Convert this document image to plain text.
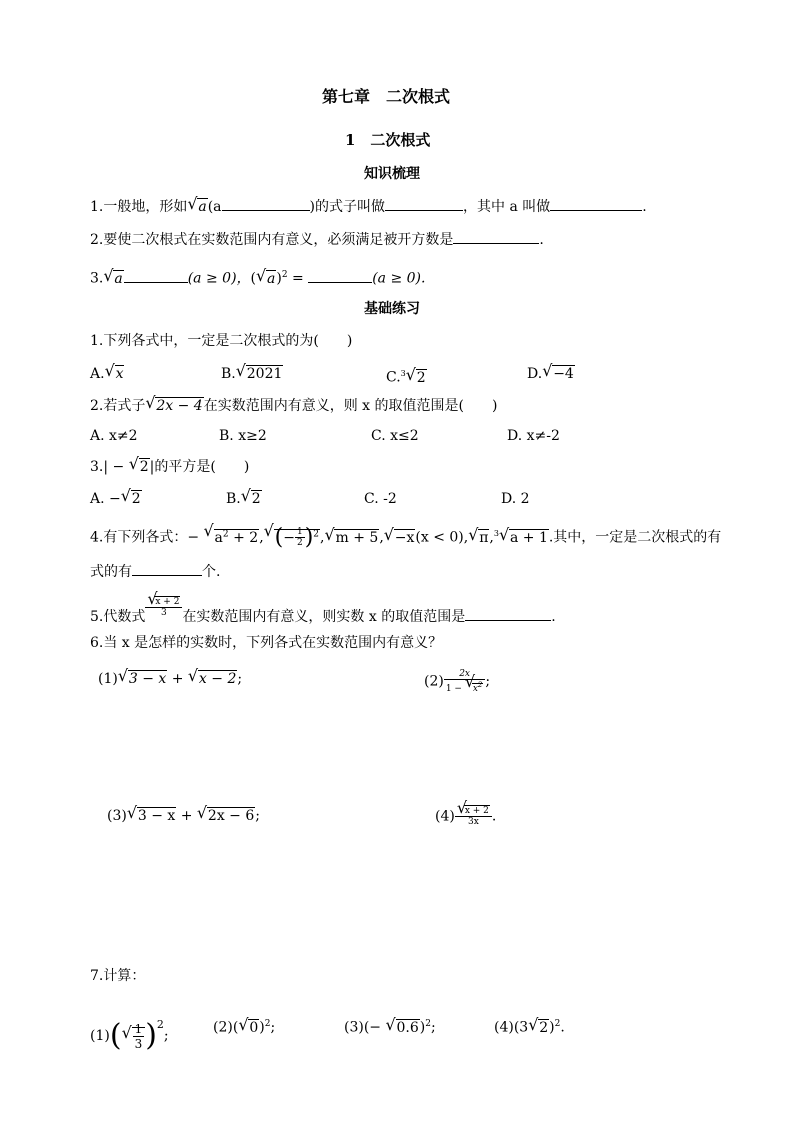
第七章　二次根式
1　二次根式
知识梳理
1.一般地，形如√ a(a	)的式子叫做	，其中 a 叫做	.
2.要使二次根式在实数范围内有意义，必须满足被开方数是	.
3.√ a	(a ≥ 0)，(√ a)$^2$ =	(a ≥ 0).
基础练习
1.下列各式中，一定是二次根式的为(　　)
A.√ x	B.√ 2021	C.$^3$√ 2	D.√ −4
2.若式子√ 2x − 4在实数范围内有意义，则 x 的取值范围是(　　)
A. x≠2	B. x≥2	C. x≤2	D. x≠-2
3.| − √ 2|的平方是(　　)
A. −√ 2	B.√ 2	C. -2	D. 2
4.有下列各式：− √ $a^2 + 2,√$ (− $\frac{1}{2} )^2,√$ m + 5,√ −x(x < 0),√ π,$^3$√ a + 1.其中，一定是二次根式的有
式的有	个.
5.代数式
√ $\frac{x + 2}{3}$ 在实数范围内有意义，则实数 x 的取值范围是	.
6.当 x 是怎样的实数时，下列各式在实数范围内有意义？
(1)√ 3 − x + √ x − 2;	$(2) \frac{2x}{1 - √ x^2}$ ;
(3)√ 3 − x + √ 2x − 6;	(4)
√ $\frac{x + 2}{3x}$ .
7.计算：
(1)(
√ $\frac{1}{3} )^2$;
(2)(√ 0)$^2$;	(3)(− √ 0.6)$^2$;	(4)(3√ 2)$^2$.
